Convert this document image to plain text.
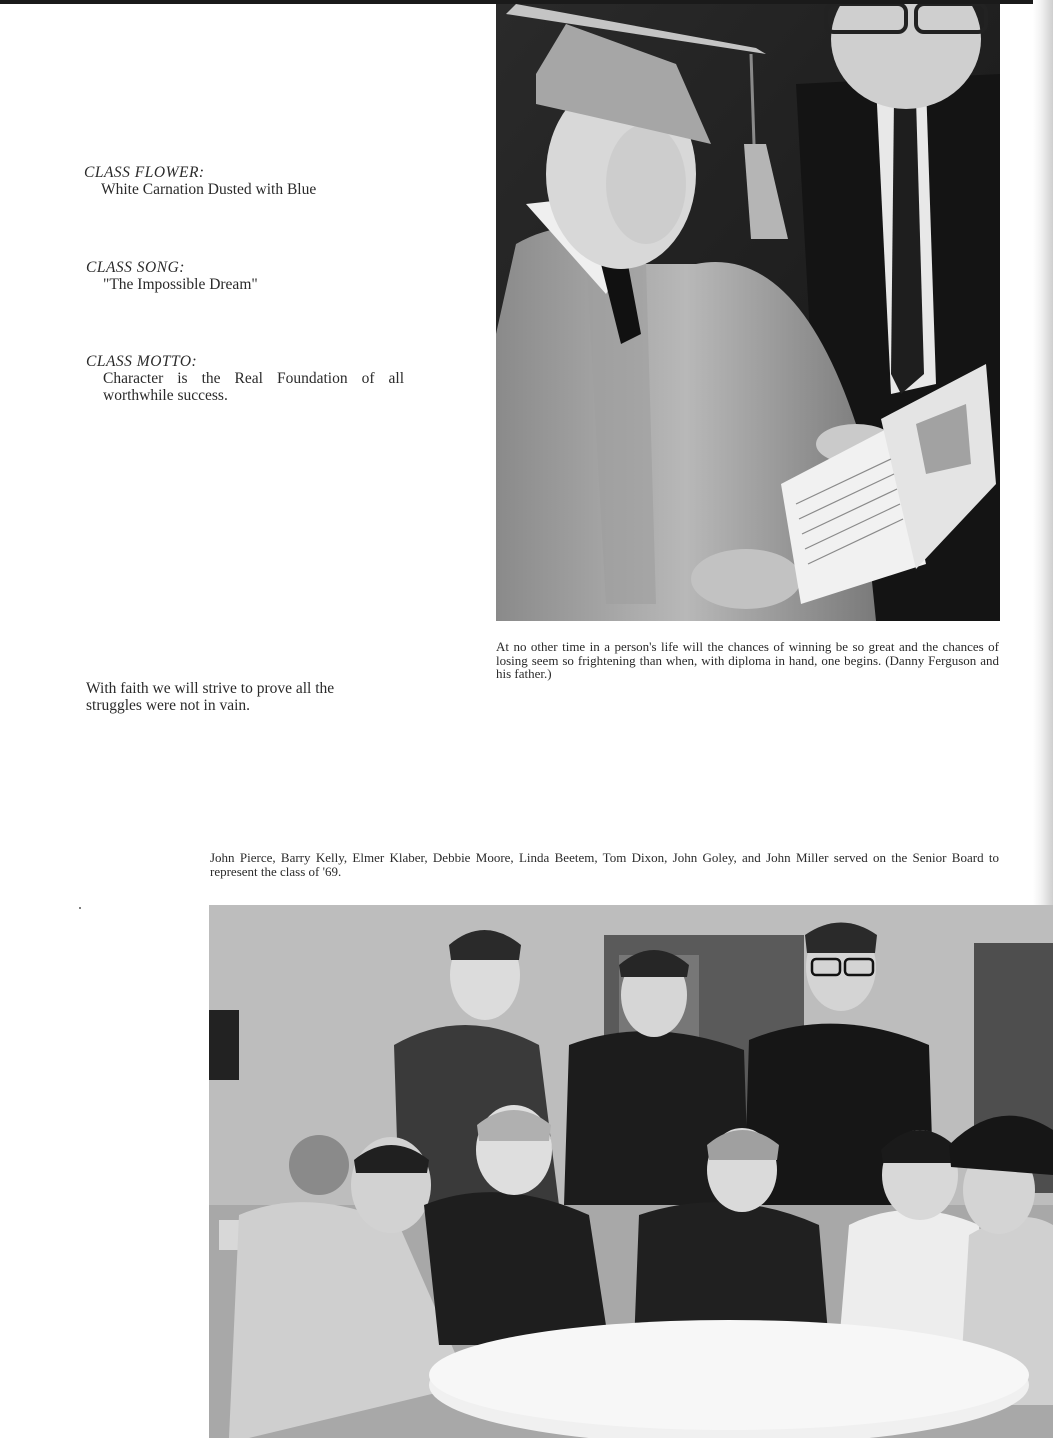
CLASS FLOWER:
White Carnation Dusted with Blue
CLASS SONG:
"The Impossible Dream"
CLASS MOTTO:
Character is the Real Foundation of all worthwhile success.
With faith we will strive to prove all the struggles were not in vain.
At no other time in a person's life will the chances of winning be so great and the chances of losing seem so frightening than when, with diploma in hand, one begins. (Danny Ferguson and his father.)
John Pierce, Barry Kelly, Elmer Klaber, Debbie Moore, Linda Beetem, Tom Dixon, John Goley, and John Miller served on the Senior Board to represent the class of '69.
